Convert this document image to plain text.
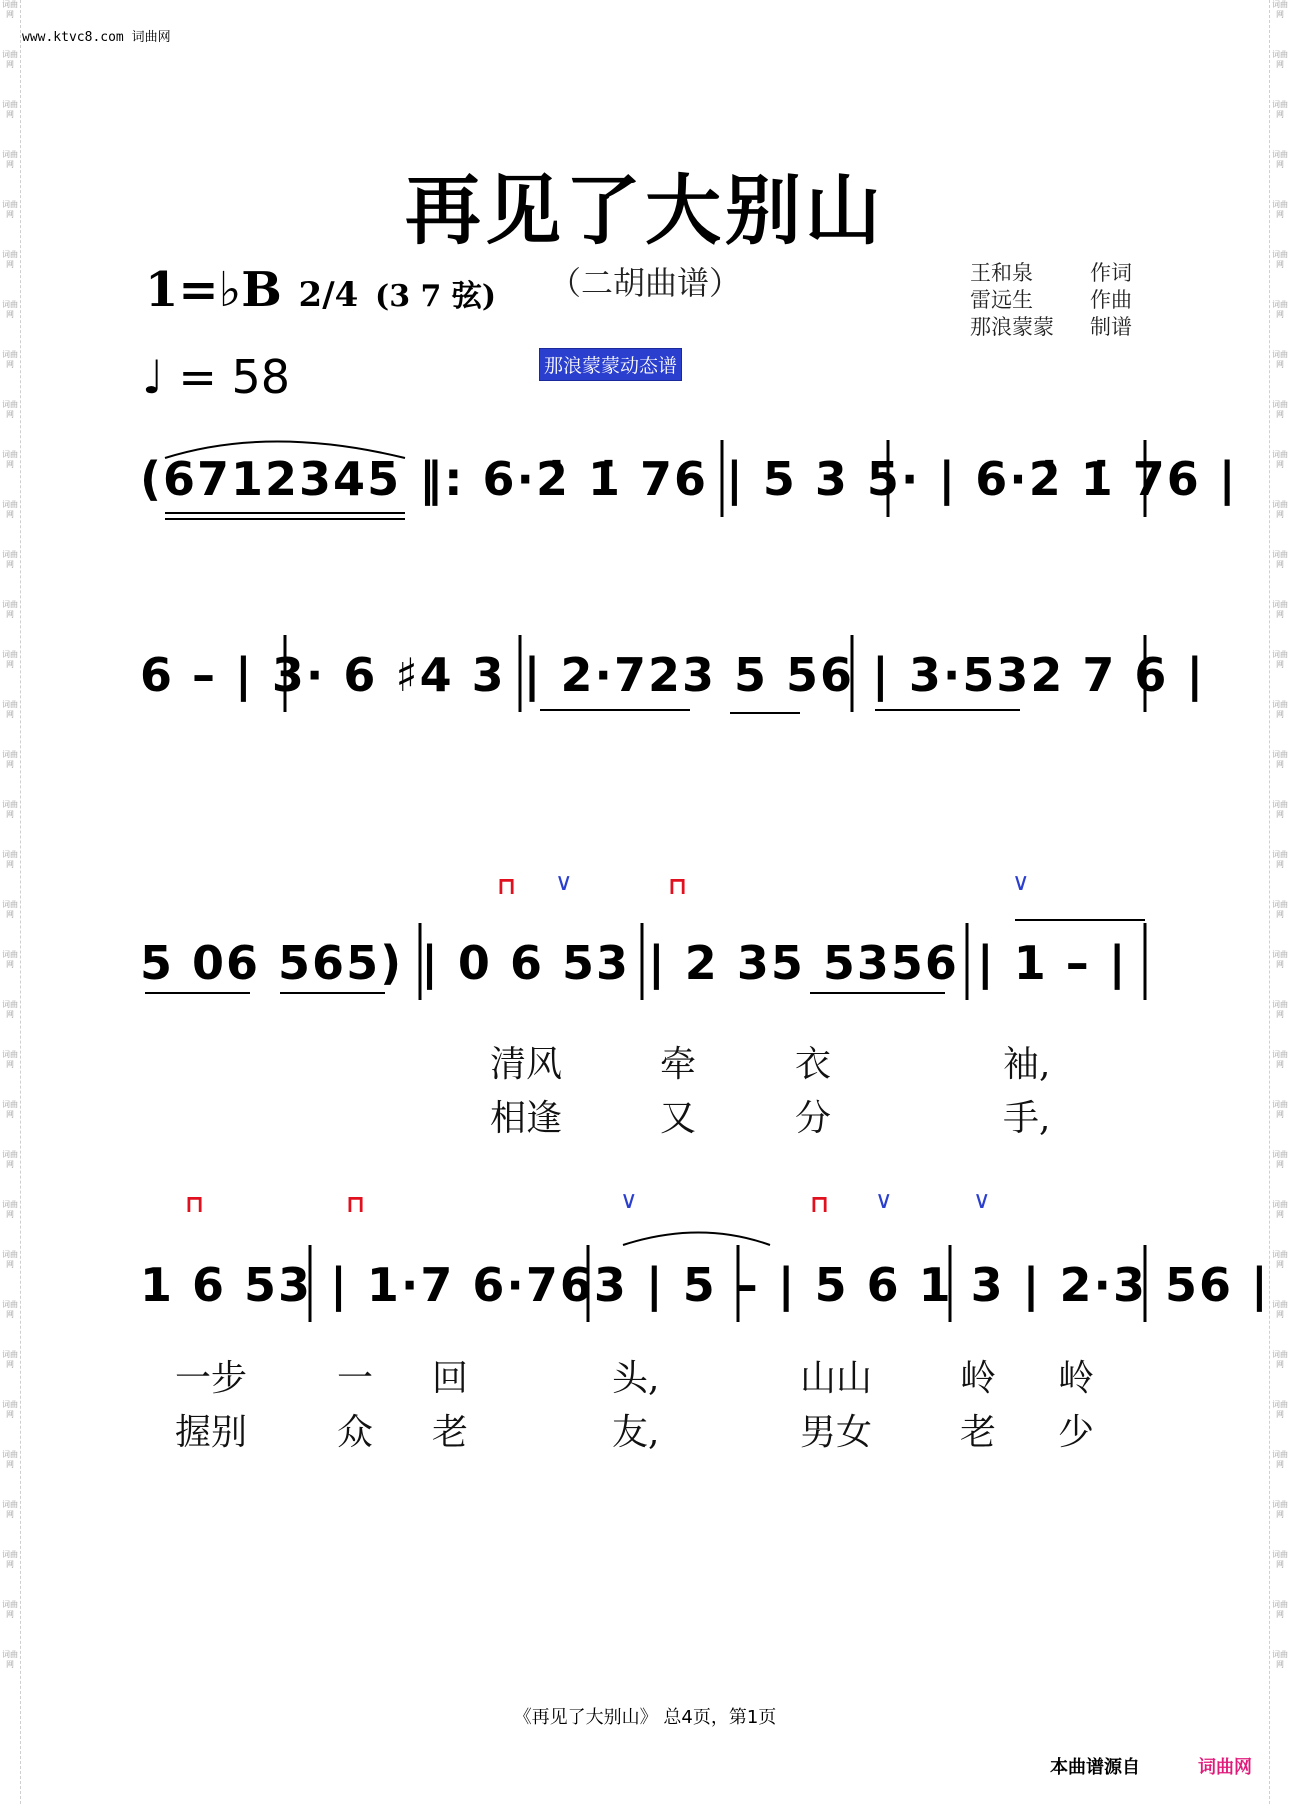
词曲网
词曲网
词曲网
词曲网
词曲网
词曲网
词曲网
词曲网
词曲网
词曲网
词曲网
词曲网
词曲网
词曲网
词曲网
词曲网
词曲网
词曲网
词曲网
词曲网
词曲网
词曲网
词曲网
词曲网
词曲网
词曲网
词曲网
词曲网
词曲网
词曲网
词曲网
词曲网
词曲网
词曲网
词曲网
词曲网
词曲网
词曲网
词曲网
词曲网
词曲网
词曲网
词曲网
词曲网
词曲网
词曲网
词曲网
词曲网
词曲网
词曲网
词曲网
词曲网
词曲网
词曲网
词曲网
词曲网
词曲网
词曲网
词曲网
词曲网
词曲网
词曲网
词曲网
词曲网
词曲网
词曲网
词曲网
词曲网
www.ktvc8.com 词曲网
再见了大别山
（二胡曲谱）	王和泉	作词
雷远生	作曲
那浪蒙蒙	制谱
1=♭B 2/4 (3 7 弦)
♩ = 58	那浪蒙蒙动态谱
(6712345 ‖: 6·2̇ 1̇ 76 | 5 3 5· | 6·2̇ 1̇ 76 |
6 – | 3· 6 ♯4 3 | 2·723 5 56 | 3·532 7 6 |
5 06 565) | 0 6 53 | 2 35 5356 | 1 – |
1 6 53 | 1·7 6·763 | 5 – | 5 6 1 3 | 2·3 56 |
⊓	⊓
⊓	⊓	⊓
∨	∨
∨	∨	∨
清风	牵	衣	袖,
相逢	又	分	手,
一步 一 回	头,	山山 岭 岭
握别 众 老	友,	男女 老 少
《再见了大别山》 总4页，第1页
本曲谱源自	词曲网
